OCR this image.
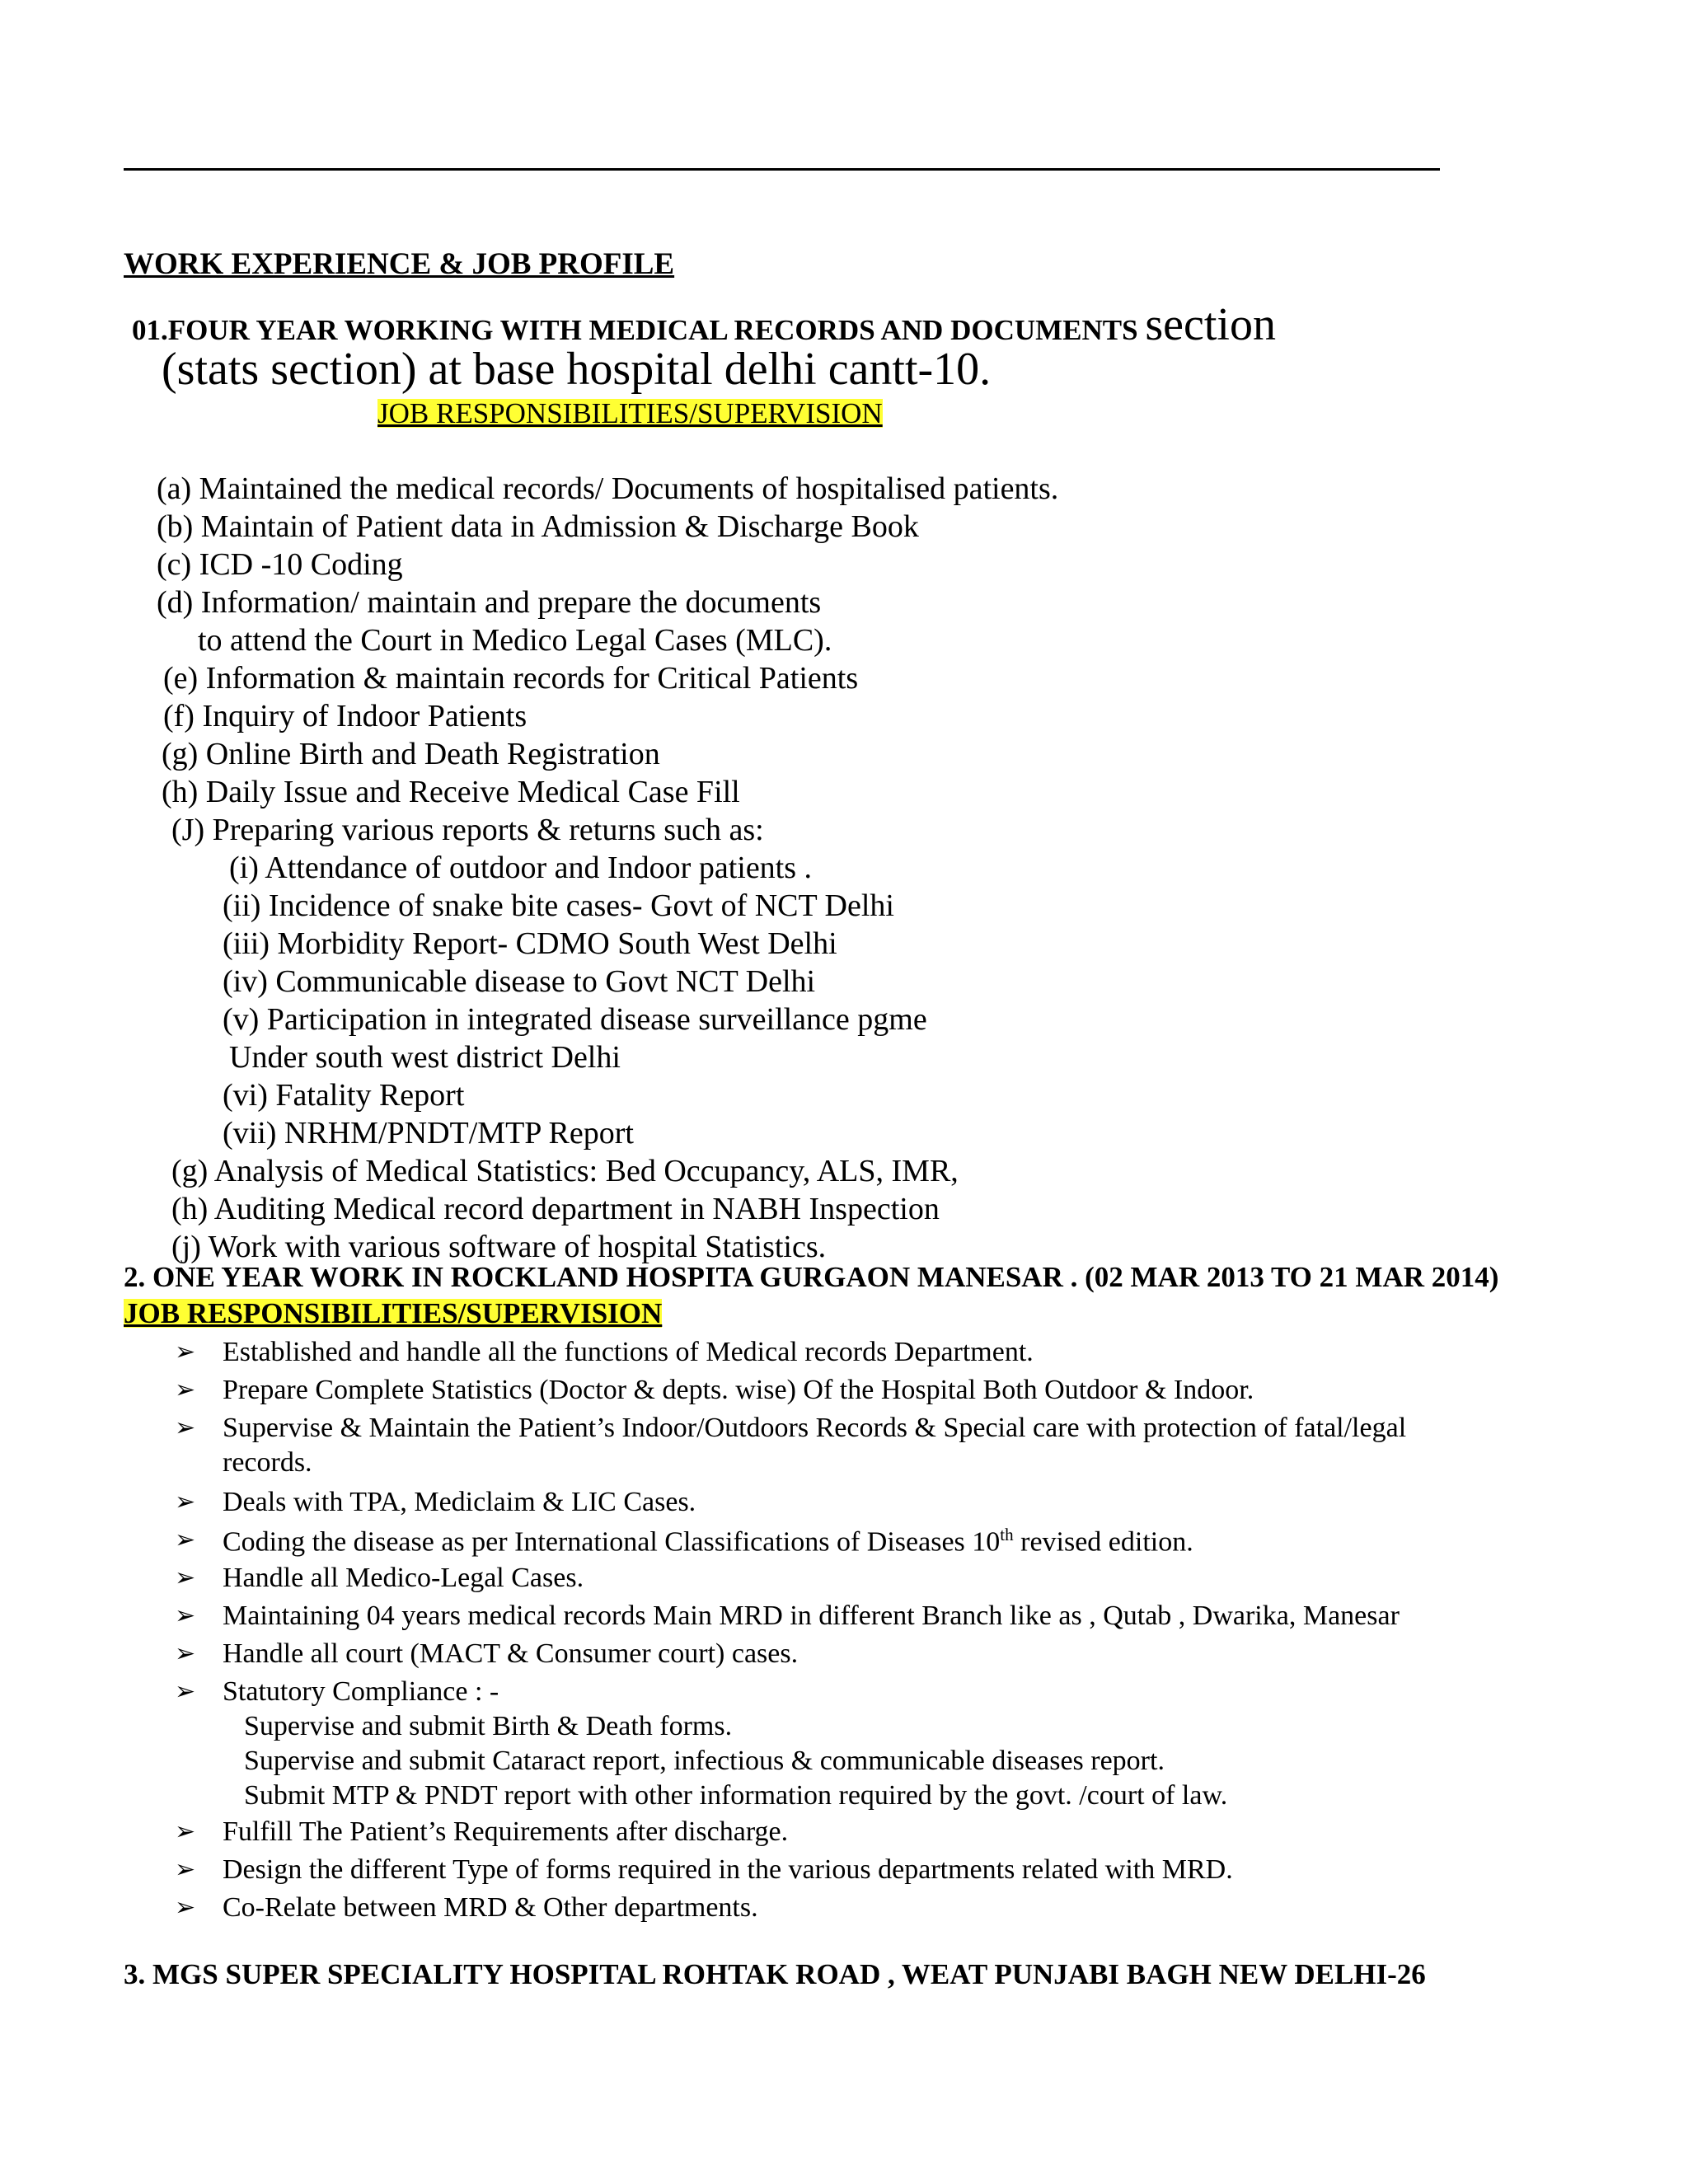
WORK EXPERIENCE & JOB PROFILE

01.FOUR YEAR WORKING WITH MEDICAL RECORDS AND DOCUMENTS section

(stats section) at base hospital delhi cantt-10.

JOB RESPONSIBILITIES/SUPERVISION

(a) Maintained the medical records/ Documents of hospitalised patients.

(b) Maintain of Patient data in Admission & Discharge Book

(c) ICD -10 Coding

(d) Information/ maintain and prepare the documents

to attend the Court in Medico Legal Cases (MLC).

(e) Information & maintain records for Critical Patients

(f) Inquiry of Indoor Patients

(g) Online Birth and Death Registration

(h) Daily Issue and Receive Medical Case Fill

(J) Preparing various reports & returns such as:

(i) Attendance of outdoor and Indoor patients .

(ii) Incidence of snake bite cases- Govt of NCT Delhi

(iii) Morbidity Report- CDMO South West Delhi

(iv) Communicable disease to Govt NCT Delhi

(v) Participation in integrated disease surveillance pgme

Under south west district Delhi

(vi) Fatality Report

(vii) NRHM/PNDT/MTP Report

(g) Analysis of Medical Statistics: Bed Occupancy, ALS, IMR,

(h) Auditing Medical record department in NABH Inspection

(j) Work with various software of hospital Statistics.

2. ONE YEAR WORK IN ROCKLAND HOSPITA GURGAON MANESAR . (02 MAR 2013 TO 21 MAR 2014)

JOB RESPONSIBILITIES/SUPERVISION

➢ Established and handle all the functions of Medical records Department.

➢ Prepare Complete Statistics (Doctor & depts. wise) Of the Hospital Both Outdoor & Indoor.

➢ Supervise & Maintain the Patient’s Indoor/Outdoors Records & Special care with protection of fatal/legal

records.

➢ Deals with TPA, Mediclaim & LIC Cases.

➢ Coding the disease as per International Classifications of Diseases 10th revised edition.

➢ Handle all Medico-Legal Cases.

➢ Maintaining 04 years medical records Main MRD in different Branch like as , Qutab , Dwarika, Manesar

➢ Handle all court (MACT & Consumer court) cases.

➢ Statutory Compliance : -

Supervise and submit Birth & Death forms.

Supervise and submit Cataract report, infectious & communicable diseases report.

Submit MTP & PNDT report with other information required by the govt. /court of law.

➢ Fulfill The Patient’s Requirements after discharge.

➢ Design the different Type of forms required in the various departments related with MRD.

➢ Co-Relate between MRD & Other departments.

3. MGS SUPER SPECIALITY HOSPITAL ROHTAK ROAD , WEAT PUNJABI BAGH NEW DELHI-26
